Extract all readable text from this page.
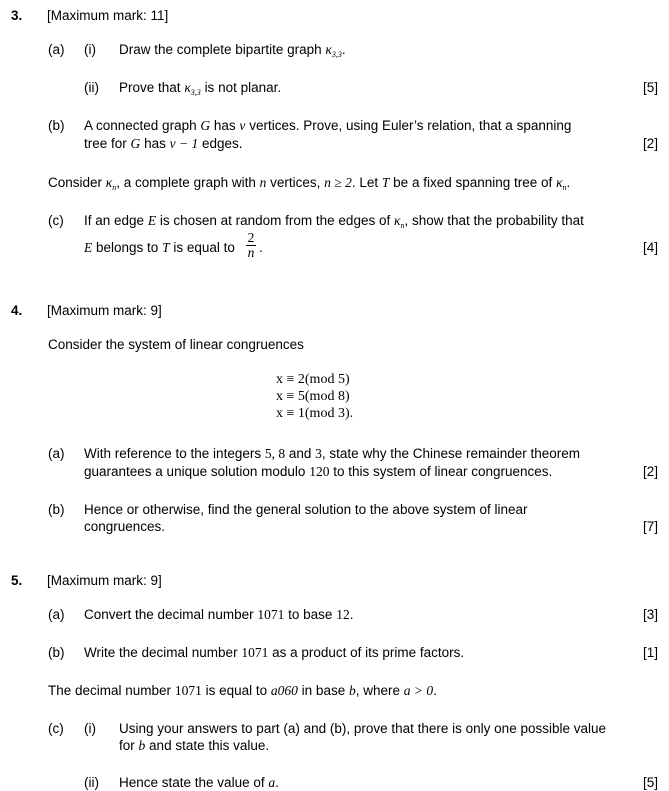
3. [Maximum mark: 11]
(a) (i) Draw the complete bipartite graph $\kappa_{3,3}$.
(ii) Prove that $\kappa_{3,3}$ is not planar.	[5]
(b) A connected graph G has v vertices. Prove, using Euler’s relation, that a spanning
tree for G has v − 1 edges.	[2]
Consider $\kappa_n$, a complete graph with n vertices, n ≥ 2. Let T be a fixed spanning tree of $\kappa_n$.
(c) If an edge E is chosen at random from the edges of $\kappa_n$, show that the probability that
E belongs to T is equal to
2
n .	[4]
4. [Maximum mark: 9]
Consider the system of linear congruences
x ≡ 2(mod 5)
x ≡ 5(mod 8)
x ≡ 1(mod 3).
(a) With reference to the integers 5, 8 and 3, state why the Chinese remainder theorem
guarantees a unique solution modulo 120 to this system of linear congruences.	[2]
(b) Hence or otherwise, find the general solution to the above system of linear
congruences.	[7]
5. [Maximum mark: 9]
(a) Convert the decimal number 1071 to base 12.	[3]
(b) Write the decimal number 1071 as a product of its prime factors.	[1]
The decimal number 1071 is equal to a060 in base b, where a > 0.
(c) (i) Using your answers to part (a) and (b), prove that there is only one possible value
for b and state this value.
(ii) Hence state the value of a.	[5]
